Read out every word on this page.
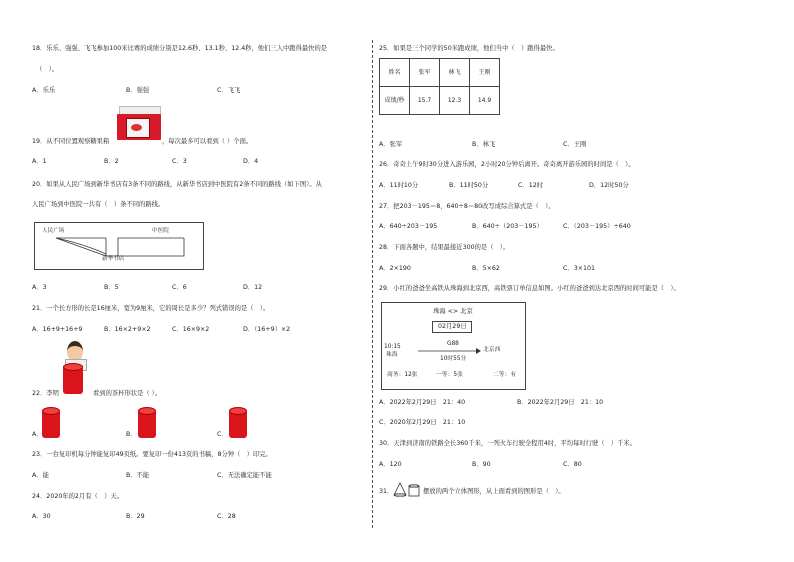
18．乐乐、强强、飞飞参加100米比赛的成绩分别是12.6秒、13.1秒、12.4秒，他们三人中跑得最快的是
（　）。
A．乐乐	B．强强	C．飞飞
19．从不同位置观察糖果箱	，每次最多可以看到（ ）个面。
A．1	B．2	C．3	D．4
20．如果从人民广场到新华书店有3条不同的路线，从新华书店到中医院有2条不同的路线（如下图）。从
人民广场到中医院一共有（　）条不同的路线。
人民广场	中医院
新华书店
A．3	B．5	C．6	D．12
21．一个长方形的长是16厘米，宽为9厘米，它的周长是多少？列式错误的是（　）。
A．16+9+16+9	B．16×2+9×2	C．16×9×2	D．（16+9）×2
22．李明	看到的茶杯形状是（ ）。
A．	B．	C．
23．一台复印机每分钟能复印49页纸。要复印一份413页的书稿，8分钟（　）印完。
A．能	B．不能	C．无法确定能不能
24．2020年的2月有（　）天。
A．30	B．29	C．28
25．如果是三个同学的50米跑成绩，他们当中（　）跑得最快。
姓名	张军	林飞	王刚
成绩/秒	15.7	12.3	14.9
A．张军	B．林飞	C．王刚
26．奇奇上午9时30分进入游乐园，2小时20分钟后离开。奇奇离开游乐园的时间是（　）。
A．11时10分	B．11时50分	C．12时	D．12时50分
27．把203－195＝8，640÷8＝80改写成综合算式是（　）。
A．640÷203－195	B．640÷（203－195）	C．（203－195）÷640
28．下面各题中，结果最接近300的是（　）。
A．2×190	B．5×62	C．3×101
29．小红的爸爸坐高铁从珠海到北京西，高铁票订单信息如图。小红的爸爸到达北京西的时间可能是（　）。
珠海 <> 北京
02月29日
10:15
珠海
G88
10时55分
北京西
商务：12张	一等：5张	二等：有
A．2022年2月29日　21：40	B．2022年2月29日　21：10
C．2020年2月29日　21：10
30．天津到济南的铁路全长360千米，一列火车行驶全程用4时，平均每时行驶（　）千米。
A．120	B．90	C．80
31．	摆放的两个立体图形，从上面看到的图形是（　）。
